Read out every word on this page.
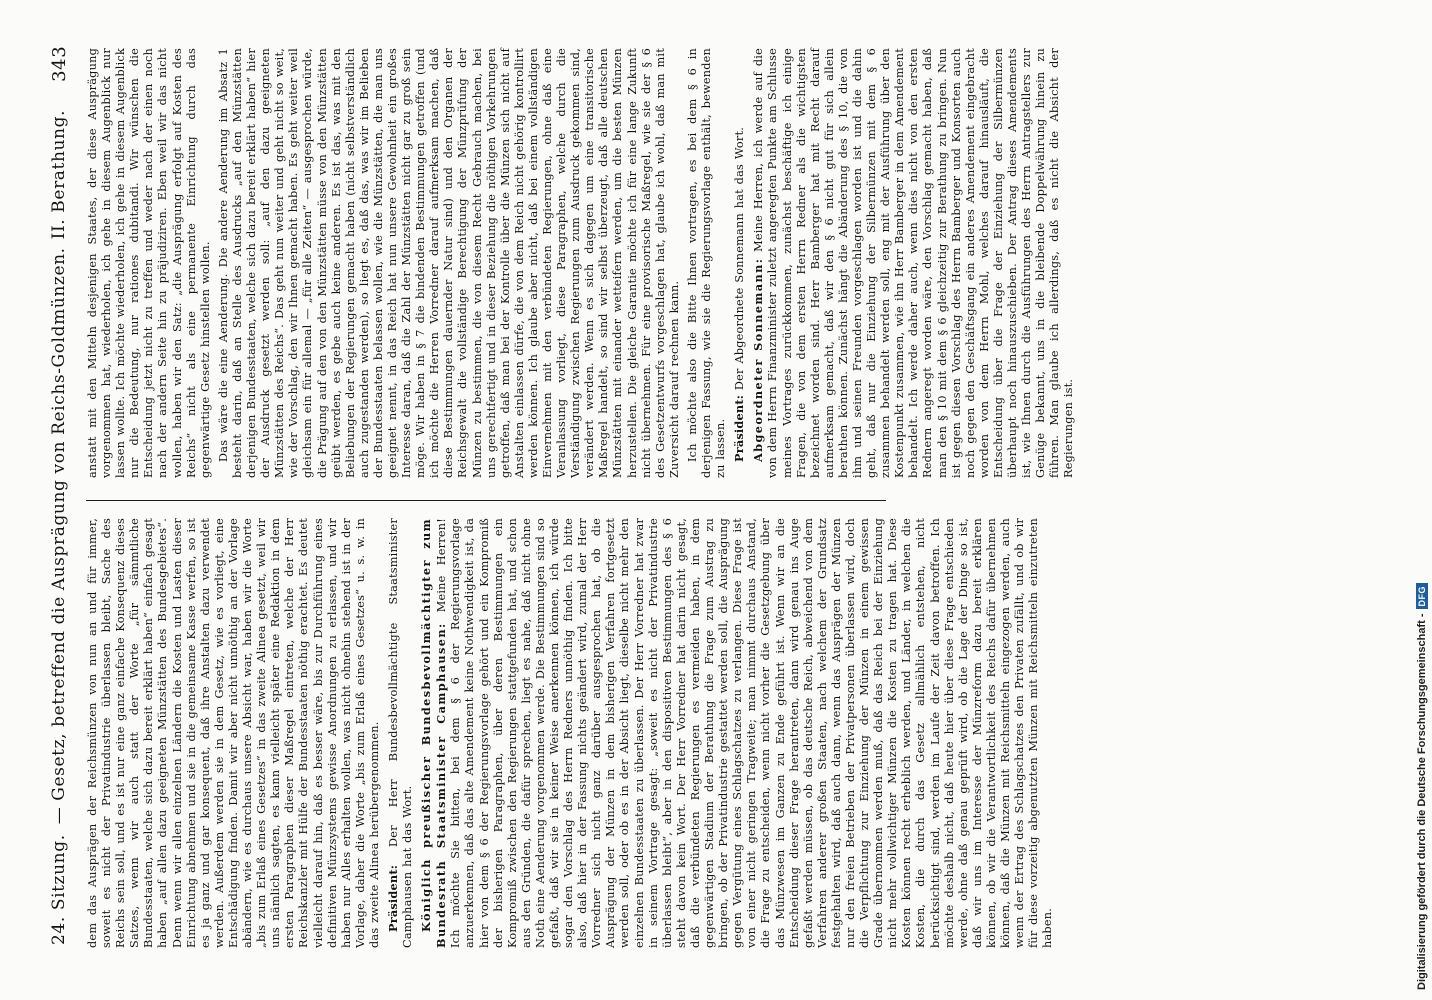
24. Sitzung.
— Gesetz, betreffend die Ausprägung von Reichs-Goldmünzen.
II. Berathung.
343

dem das Ausprägen der Reichsmünzen von nun an und für immer, soweit es nicht der Privatindustrie überlassen bleibt, Sache des Reichs sein soll, und es ist nur eine ganz einfache Konsequenz dieses Satzes, wenn wir auch statt der Worte „für sämmtliche Bundesstaaten, welche sich dazu bereit erklärt haben“ einfach gesagt haben „auf allen dazu geeigneten Münzstätten des Bundesgebietes“. Denn wenn wir allen einzelnen Ländern die Kosten und Lasten dieser Einrichtung abnehmen und sie in die gemeinsame Kasse werfen, so ist es ja ganz und gar konsequent, daß ihre Anstalten dazu verwendet werden. Außerdem werden sie in dem Gesetz, wie es vorliegt, eine Entschädigung finden. Damit wir aber nicht unnöthig an der Vorlage abändern, wie es durchaus unsere Absicht war, haben wir die Worte „bis zum Erlaß eines Gesetzes“ in das zweite Alinea gesetzt, weil wir uns nämlich sagten, es kann vielleicht später eine Redaktion in dem ersten Paragraphen dieser Maßregel eintreten, welche der Herr Reichskanzler mit Hülfe der Bundesstaaten nöthig erachtet. Es deutet vielleicht darauf hin, daß es besser wäre, bis zur Durchführung eines definitiven Münzsystems gewisse Anordnungen zu erlassen, und wir haben nur Alles erhalten wollen, was nicht ohnehin stehend ist in der Vorlage, daher die Worte „bis zum Erlaß eines Gesetzes“ u. s. w. in das zweite Alinea herübergenommen. Präsident: Der Herr Bundesbevollmächtigte Staatsminister Camphausen hat das Wort. Königlich preußischer Bundesbevollmächtigter zum Bundesrath Staatsminister Camphausen: Meine Herren! Ich möchte Sie bitten, bei dem § 6 der Regierungsvorlage anzuerkennen, daß das alte Amendement keine Nothwendigkeit ist, da hier von dem § 6 der Regierungsvorlage gehört und ein Kompromiß der bisherigen Paragraphen, über deren Bestimmungen ein Kompromiß zwischen den Regierungen stattgefunden hat, und schon aus den Gründen, die dafür sprechen, liegt es nahe, daß nicht ohne Noth eine Aenderung vorgenommen werde. Die Bestimmungen sind so gefaßt, daß wir sie in keiner Weise anerkennen können, ich würde sogar den Vorschlag des Herrn Redners unnöthig finden. Ich bitte also, daß hier in der Fassung nichts geändert wird, zumal der Herr Vorredner sich nicht ganz darüber ausgesprochen hat, ob die Ausprägung der Münzen in dem bisherigen Verfahren fortgesetzt werden soll, oder ob es in der Absicht liegt, dieselbe nicht mehr den einzelnen Bundesstaaten zu überlassen. Der Herr Vorredner hat zwar in seinem Vortrage gesagt: „soweit es nicht der Privatindustrie überlassen bleibt“, aber in den dispositiven Bestimmungen des § 6 steht davon kein Wort. Der Herr Vorredner hat darin nicht gesagt, daß die verbündeten Regierungen es vermeiden haben, in dem gegenwärtigen Stadium der Berathung die Frage zum Austrag zu bringen, ob der Privatindustrie gestattet werden soll, die Ausprägung gegen Vergütung eines Schlagschatzes zu verlangen. Diese Frage ist von einer nicht geringen Tragweite; man nimmt durchaus Anstand, die Frage zu entscheiden, wenn nicht vorher die Gesetzgebung über das Münzwesen im Ganzen zu Ende geführt ist. Wenn wir an die Entscheidung dieser Frage herantreten, dann wird genau ins Auge gefaßt werden müssen, ob das deutsche Reich, abweichend von dem Verfahren anderer großen Staaten, nach welchem der Grundsatz festgehalten wird, daß auch dann, wenn das Ausprägen der Münzen nur den freien Betrieben der Privatpersonen überlassen wird, doch die Verpflichtung zur Einziehung der Münzen in einem gewissen Grade übernommen werden muß, daß das Reich bei der Einziehung nicht mehr vollwichtiger Münzen die Kosten zu tragen hat. Diese Kosten können recht erheblich werden, und Länder, in welchen die Kosten, die durch das Gesetz allmählich entstehen, nicht berücksichtigt sind, werden im Laufe der Zeit davon betroffen. Ich möchte deshalb nicht, daß heute hier über diese Frage entschieden werde, ohne daß genau geprüft wird, ob die Lage der Dinge so ist, daß wir uns im Interesse der Münzreform dazu bereit erklären können, ob wir die Verantwortlichkeit des Reichs dafür übernehmen können, daß die Münzen mit Reichsmitteln eingezogen werden, auch wenn der Ertrag des Schlagschatzes den Privaten zufällt, und ob wir für diese vorzeitig abgenutzten Münzen mit Reichsmitteln einzutreten haben.

anstatt mit den Mitteln desjenigen Staates, der diese Ausprägung vorgenommen hat, wiederholen, ich gehe in diesem Augenblick nur lassen wollte. Ich möchte wiederholen, ich gehe in diesem Augenblick nur die Bedeutung, nur rationes dubitandi. Wir wünschen die Entscheidung jetzt nicht zu treffen und weder nach der einen noch nach der andern Seite hin zu präjudiziren. Eben weil wir das nicht wollen, haben wir den Satz: „die Ausprägung erfolgt auf Kosten des Reichs“ nicht als eine permanente Einrichtung durch das gegenwärtige Gesetz hinstellen wollen. Das wäre die eine Aenderung. Die andere Aenderung im Absatz 1 besteht darin, daß an Stelle des Ausdrucks „auf den Münzstätten derjenigen Bundesstaaten, welche sich dazu bereit erklärt haben“ hier der Ausdruck gesetzt werden soll: „auf den dazu geeigneten Münzstätten des Reichs“. Das geht nun weiter und geht nicht so weit, wie der Vorschlag, den wir Ihnen gemacht haben. Es geht weiter weil gleichsam ein für allemal — „für alle Zeiten“ — ausgesprochen würde, die Prägung auf den von den Münzstätten müsse von den Münzstätten geübt werden, es gebe auch keine anderen. Es ist das, was mit den Beliebungen der Regierungen gemacht haben (nicht selbstverständlich auch zugestanden werden), so liegt es, daß das, was wir im Belieben der Bundesstaaten belassen wollen, wie die Münzstätten, die man uns geeignet nennt, in das Reich hat nun unsere Gewohnheit ein großes Interesse daran, daß die Zahl der Münzstätten nicht gar zu groß sein möge. Wir haben in § 7 die bindenden Bestimmungen getroffen (und ich möchte die Herren Vorredner darauf aufmerksam machen, daß diese Bestimmungen dauernder Natur sind) und den Organen der Reichsgewalt die vollständige Berechtigung der Münzprüfung der Münzen zu bestimmen, die von diesem Recht Gebrauch machen, bei uns gerechtfertigt und in dieser Beziehung die nöthigen Vorkehrungen getroffen, daß man bei der Kontrolle über die Münzen sich nicht auf Anstalten einlassen dürfe, die von dem Reich nicht gehörig kontrollirt werden können. Ich glaube aber nicht, daß bei einem vollständigen Einvernehmen mit den verbündeten Regierungen, ohne daß eine Veranlassung vorliegt, diese Paragraphen, welche durch die Verständigung zwischen Regierungen zum Ausdruck gekommen sind, verändert werden. Wenn es sich dagegen um eine transitorische Maßregel handelt, so sind wir selbst überzeugt, daß alle deutschen Münzstätten mit einander wetteifern werden, um die besten Münzen herzustellen. Die gleiche Garantie möchte ich für eine lange Zukunft nicht übernehmen. Für eine provisorische Maßregel, wie sie der § 6 des Gesetzentwurfs vorgeschlagen hat, glaube ich wohl, daß man mit Zuversicht darauf rechnen kann. Ich möchte also die Bitte Ihnen vortragen, es bei dem § 6 in derjenigen Fassung, wie sie die Regierungsvorlage enthält, bewenden zu lassen. Präsident: Der Abgeordnete Sonnemann hat das Wort. Abgeordneter Sonnemann: Meine Herren, ich werde auf die von dem Herrn Finanzminister zuletzt angeregten Punkte am Schlusse meines Vortrages zurückkommen, zunächst beschäftige ich einige Fragen, die von dem ersten Herrn Redner als die wichtigsten bezeichnet worden sind. Herr Bamberger hat mit Recht darauf aufmerksam gemacht, daß wir den § 6 nicht gut für sich allein berathen können. Zunächst hängt die Abänderung des § 10, die von ihm und seinen Freunden vorgeschlagen worden ist und die dahin geht, daß nur die Einziehung der Silbermünzen mit dem § 6 zusammen behandelt werden soll, eng mit der Ausführung über den Kostenpunkt zusammen, wie ihn Herr Bamberger in dem Amendement behandelt. Ich werde daher auch, wenn dies nicht von den ersten Rednern angeregt worden wäre, den Vorschlag gemacht haben, daß man den § 10 mit dem § 6 gleichzeitig zur Berathung zu bringen. Nun ist gegen diesen Vorschlag des Herrn Bamberger und Konsorten auch noch gegen den Geschäftsgang ein anderes Amendement eingebracht worden von dem Herrn Mohl, welches darauf hinausläuft, die Entscheidung über die Frage der Einziehung der Silbermünzen überhaupt noch hinauszuschieben. Der Antrag dieses Amendements ist, wie Ihnen durch die Ausführungen des Herrn Antragstellers zur Genüge bekannt, uns in die bleibende Doppelwährung hinein zu führen. Man glaube ich allerdings, daß es nicht die Absicht der Regierungen ist.

Digitalisierung gefördert durch die Deutsche Forschungsgemeinschaft -
DFG
